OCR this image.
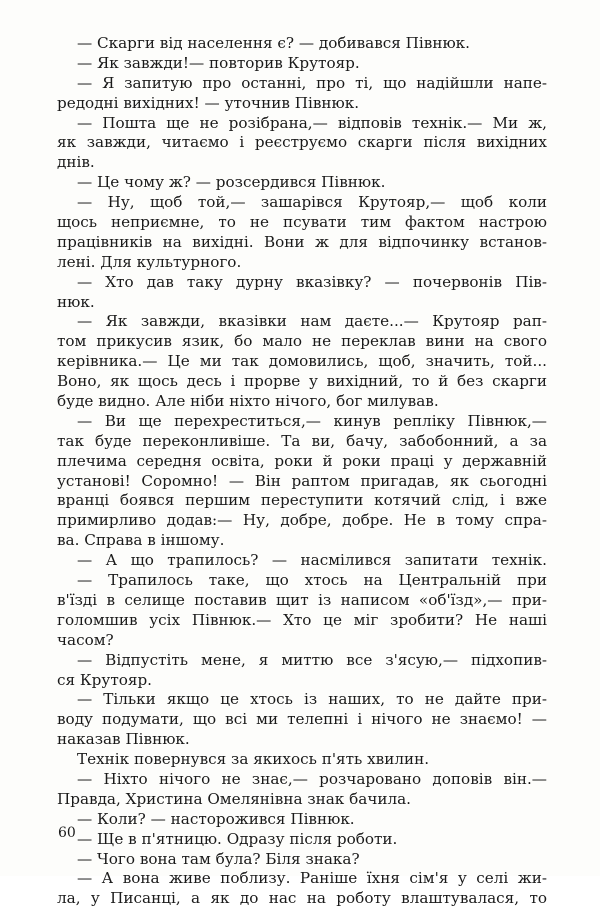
— Скарги від населення є? — добивався Півнюк.
— Як завжди!— повторив Крутояр.
— Я запитую про останні, про ті, що надійшли напе-
редодні вихідних! — уточнив Півнюк.
— Пошта ще не розібрана,— відповів технік.— Ми ж,
як завжди, читаємо і реєструємо скарги після вихідних
днів.
— Це чому ж? — розсердився Півнюк.
— Ну, щоб той,— зашарівся Крутояр,— щоб коли
щось неприємне, то не псувати тим фактом настрою
працівників на вихідні. Вони ж для відпочинку встанов-
лені. Для культурного.
— Хто дав таку дурну вказівку? — почервонів Пів-
нюк.
— Як завжди, вказівки нам даєте...— Крутояр рап-
том прикусив язик, бо мало не переклав вини на свого
керівника.— Це ми так домовились, щоб, значить, той...
Воно, як щось десь і прорве у вихідний, то й без скарги
буде видно. Але ніби ніхто нічого, бог милував.
— Ви ще перехреститься,— кинув репліку Півнюк,—
так буде переконливіше. Та ви, бачу, забобонний, а за
плечима середня освіта, роки й роки праці у державній
установі! Соромно! — Він раптом пригадав, як сьогодні
вранці боявся першим переступити котячий слід, і вже
примирливо додав:— Ну, добре, добре. Не в тому спра-
ва. Справа в іншому.
— А що трапилось? — насмілився запитати технік.
— Трапилось таке, що хтось на Центральній при
в'їзді в селище поставив щит із написом «об'їзд»,— при-
голомшив усіх Півнюк.— Хто це міг зробити? Не наші
часом?
— Відпустіть мене, я миттю все з'ясую,— підхопив-
ся Крутояр.
— Тільки якщо це хтось із наших, то не дайте при-
воду подумати, що всі ми телепні і нічого не знаємо! —
наказав Півнюк.
Технік повернувся за якихось п'ять хвилин.
— Ніхто нічого не знає,— розчаровано доповів він.—
Правда, Христина Омелянівна знак бачила.
— Коли? — насторожився Півнюк.
— Ще в п'ятницю. Одразу після роботи.
— Чого вона там була? Біля знака?
— А вона живе поблизу. Раніше їхня сім'я у селі жи-
ла, у Писанці, а як до нас на роботу влаштувалася, то
60
